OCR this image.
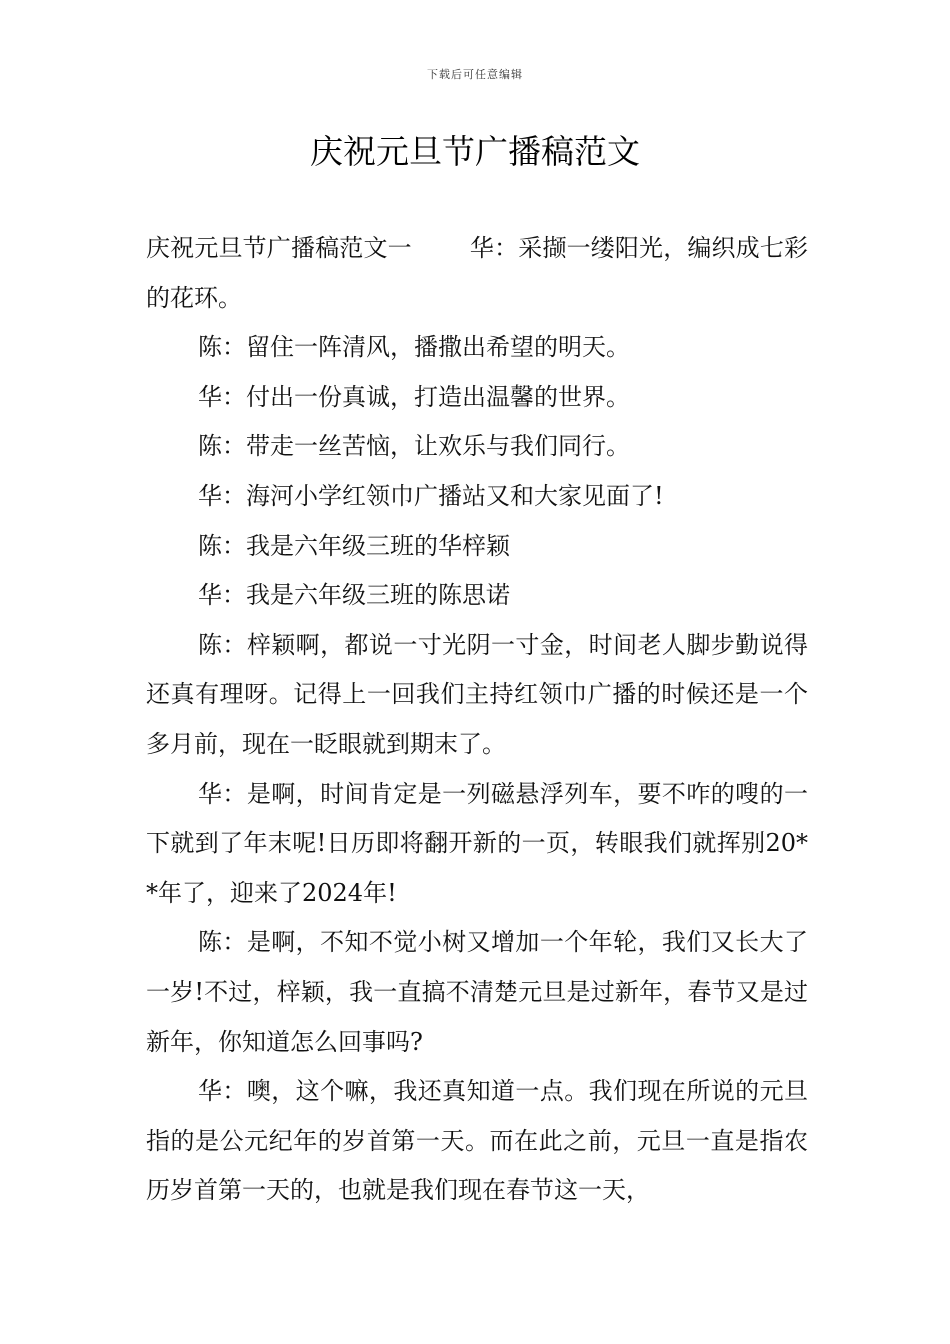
下载后可任意编辑
庆祝元旦节广播稿范文

庆祝元旦节广播稿范文一 华：采撷一缕阳光，编织成七彩的花环。

陈：留住一阵清风，播撒出希望的明天。

华：付出一份真诚，打造出温馨的世界。

陈：带走一丝苦恼，让欢乐与我们同行。

华：海河小学红领巾广播站又和大家见面了!

陈：我是六年级三班的华梓颖

华：我是六年级三班的陈思诺

陈：梓颖啊，都说一寸光阴一寸金，时间老人脚步勤说得还真有理呀。记得上一回我们主持红领巾广播的时候还是一个多月前，现在一眨眼就到期末了。

华：是啊，时间肯定是一列磁悬浮列车，要不咋的嗖的一下就到了年末呢!日历即将翻开新的一页，转眼我们就挥别20**年了，迎来了2024年!

陈：是啊，不知不觉小树又增加一个年轮，我们又长大了一岁!不过，梓颖，我一直搞不清楚元旦是过新年，春节又是过新年，你知道怎么回事吗?

华：噢，这个嘛，我还真知道一点。我们现在所说的元旦指的是公元纪年的岁首第一天。而在此之前，元旦一直是指农历岁首第一天的，也就是我们现在春节这一天，
